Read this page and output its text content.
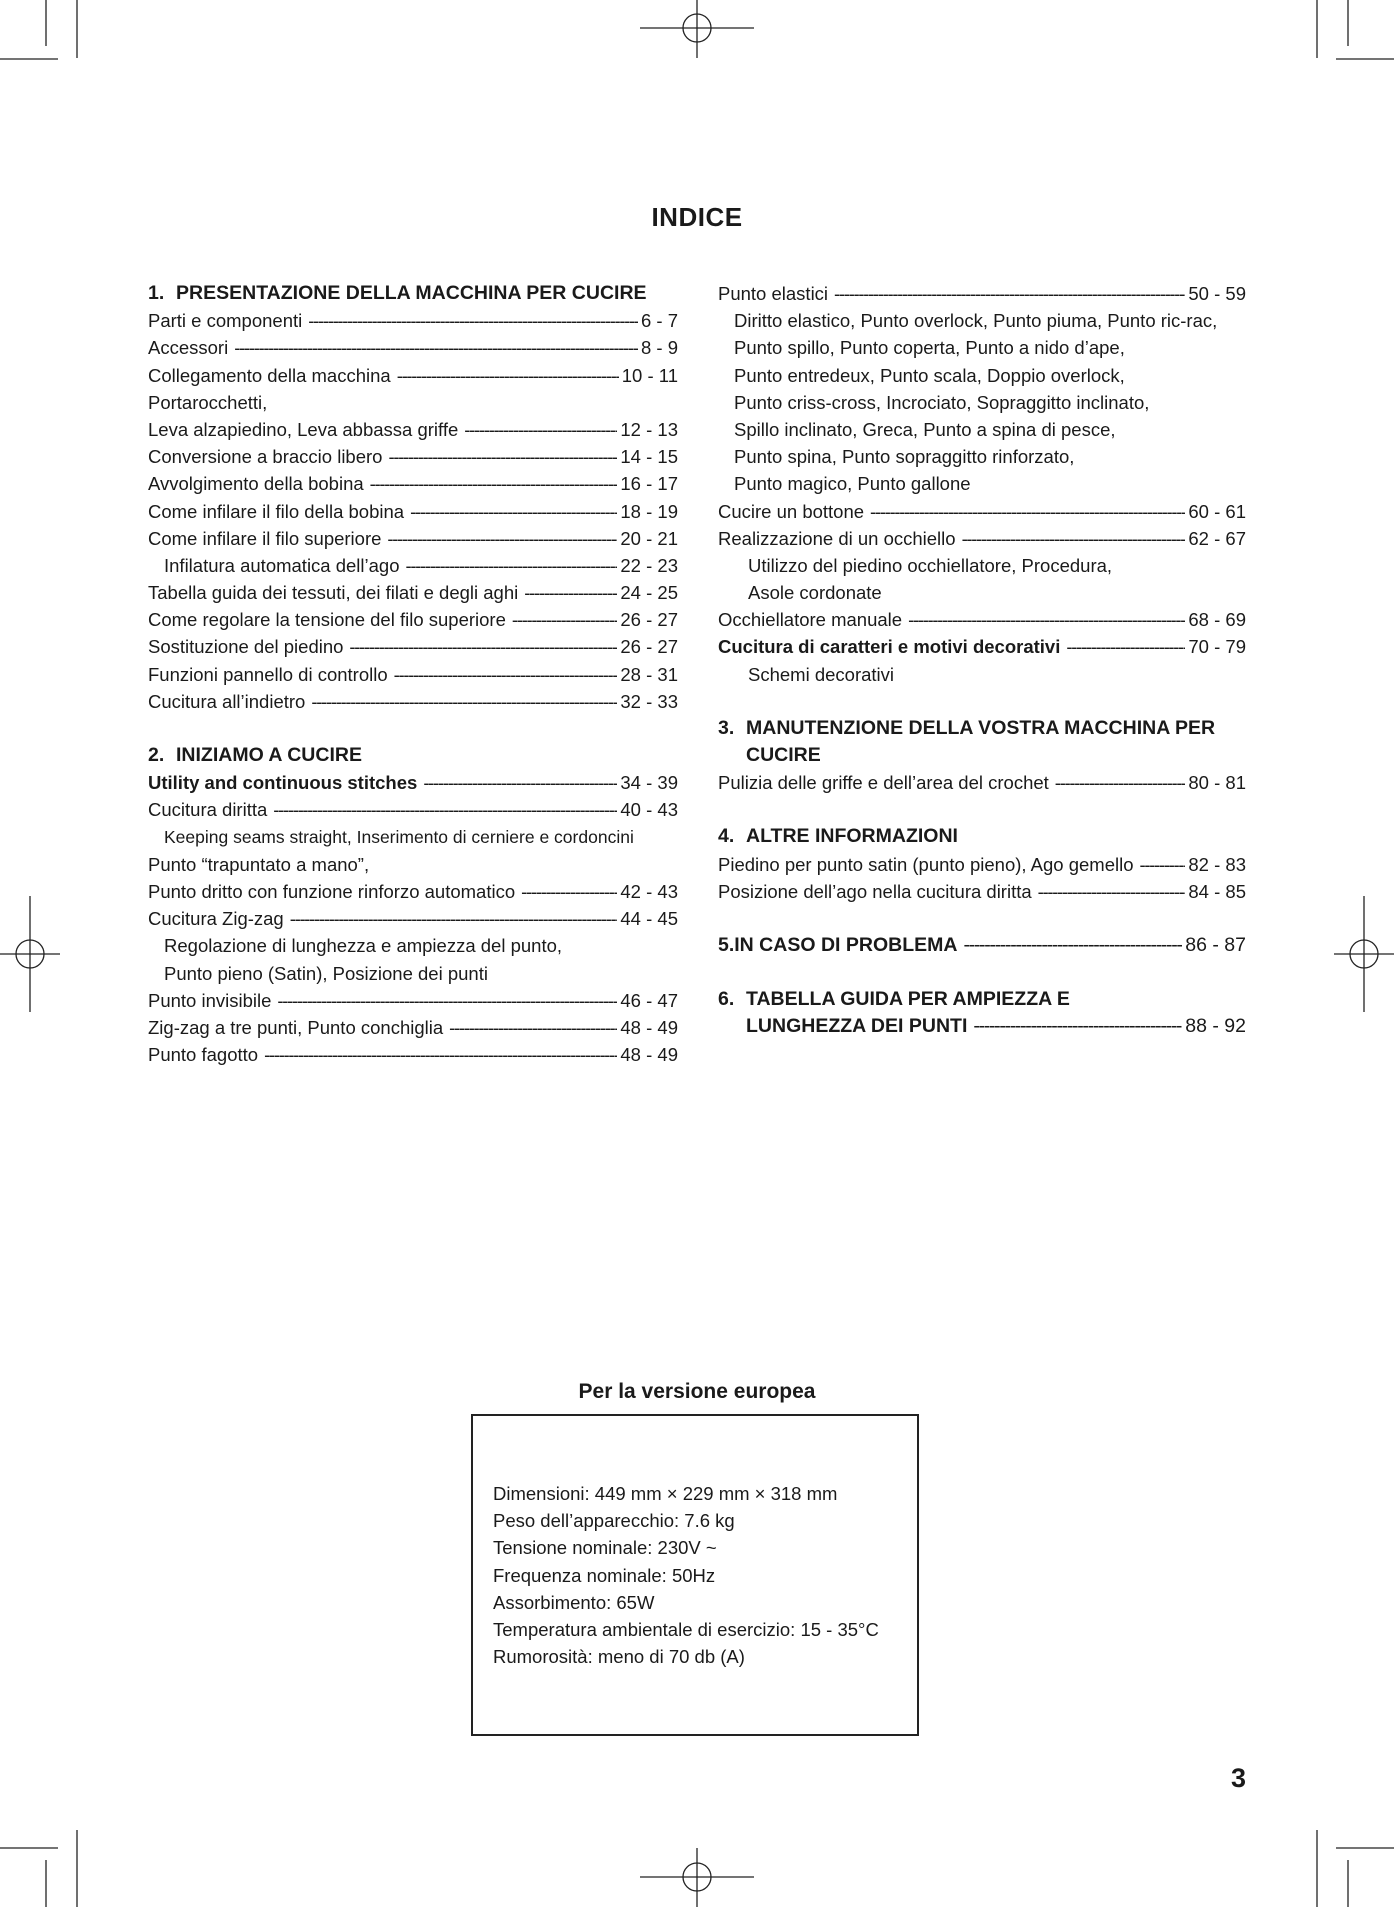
INDICE
1. PRESENTAZIONE DELLA MACCHINA PER CUCIRE
Parti e componenti -----	6 - 7
Accessori -----	8 - 9
Collegamento della macchina -----	10 - 11
Portarocchetti,
Leva alzapiedino, Leva abbassa griffe -----	12 - 13
Conversione a braccio libero -----	14 - 15
Avvolgimento della bobina -----	16 - 17
Come infilare il filo della bobina -----	18 - 19
Come infilare il filo superiore -----	20 - 21
Infilatura automatica dell’ago -----	22 - 23
Tabella guida dei tessuti, dei filati e degli aghi -----	24 - 25
Come regolare la tensione del filo superiore -----	26 - 27
Sostituzione del piedino -----	26 - 27
Funzioni pannello di controllo -----	28 - 31
Cucitura all’indietro -----	32 - 33
2. INIZIAMO A CUCIRE
Utility and continuous stitches -----	34 - 39
Cucitura diritta -----	40 - 43
Keeping seams straight, Inserimento di cerniere e cordoncini
Punto “trapuntato a mano”,
Punto dritto con funzione rinforzo automatico -----	42 - 43
Cucitura Zig-zag -----	44 - 45
Regolazione di lunghezza e ampiezza del punto,
Punto pieno (Satin), Posizione dei punti
Punto invisibile -----	46 - 47
Zig-zag a tre punti, Punto conchiglia -----	48 - 49
Punto fagotto -----	48 - 49
Punto elastici -----	50 - 59
Diritto elastico, Punto overlock, Punto piuma, Punto ric-rac,
Punto spillo, Punto coperta, Punto a nido d’ape,
Punto entredeux, Punto scala, Doppio overlock,
Punto criss-cross, Incrociato, Sopraggitto inclinato,
Spillo inclinato, Greca, Punto a spina di pesce,
Punto spina, Punto sopraggitto rinforzato,
Punto magico, Punto gallone
Cucire un bottone -----	60 - 61
Realizzazione di un occhiello -----	62 - 67
Utilizzo del piedino occhiellatore, Procedura,
Asole cordonate
Occhiellatore manuale -----	68 - 69
Cucitura di caratteri e motivi decorativi -----	70 - 79
Schemi decorativi
3. MANUTENZIONE DELLA VOSTRA MACCHINA PER
CUCIRE
Pulizia delle griffe e dell’area del crochet -----	80 - 81
4. ALTRE INFORMAZIONI
Piedino per punto satin (punto pieno), Ago gemello -----	82 - 83
Posizione dell’ago nella cucitura diritta -----	84 - 85
5. IN CASO DI PROBLEMA -----	86 - 87
6. TABELLA GUIDA PER AMPIEZZA E
LUNGHEZZA DEI PUNTI -----	88 - 92
Per la versione europea
Dimensioni: 449 mm × 229 mm × 318 mm
Peso dell’apparecchio: 7.6 kg
Tensione nominale: 230V ~
Frequenza nominale: 50Hz
Assorbimento: 65W
Temperatura ambientale di esercizio: 15 - 35°C
Rumorosità: meno di 70 db (A)
3
